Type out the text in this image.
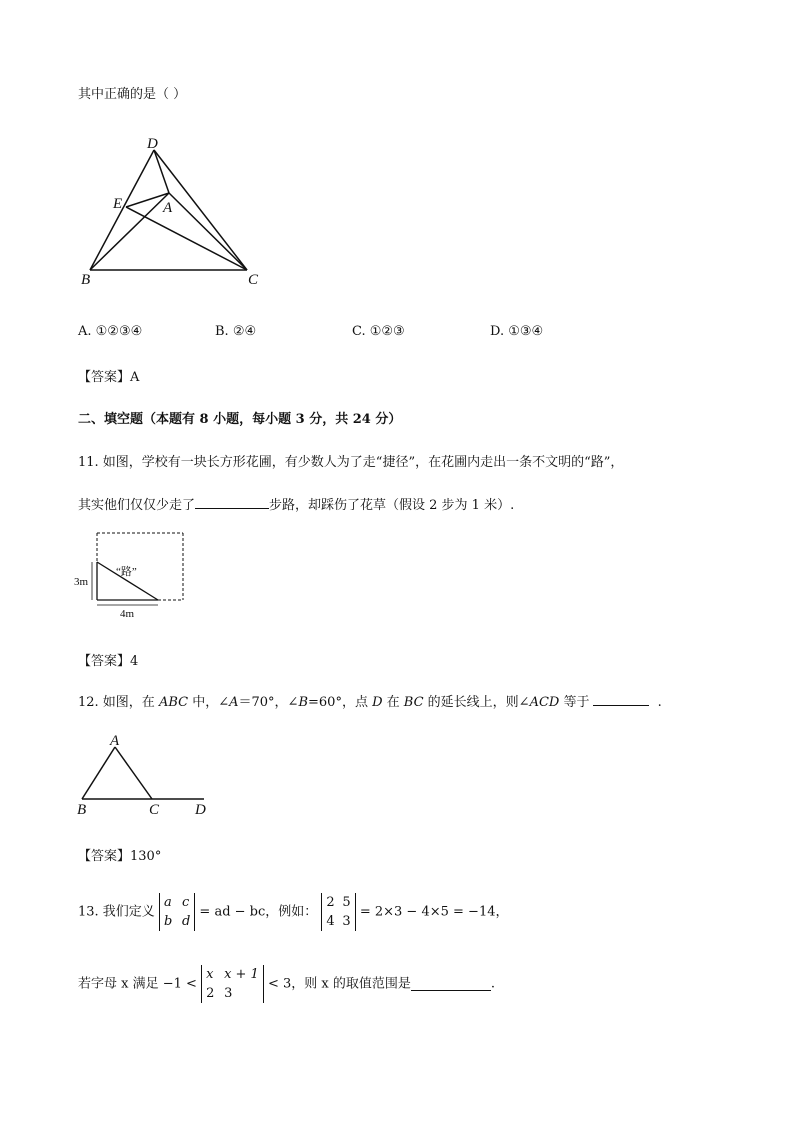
其中正确的是（ ）
D
E	A
B	C
A. ①②③④	B. ②④	C. ①②③	D. ①③④
【答案】A
二、填空题（本题有 8 小题，每小题 3 分，共 24 分）
11. 如图，学校有一块长方形花圃，有少数人为了走“捷径”，在花圃内走出一条不文明的“路”，
其实他们仅仅少走了	步路，却踩伤了花草（假设 2 步为 1 米）.
“路”
3m
4m
【答案】4
12. 如图，在 ABC 中，∠A＝70°，∠B=60°，点 D 在 BC 的延长线上，则∠ACD 等于	.
A
B	C D
【答案】130°
13. 我们定义
a c
b d
= ad − bc，例如：
2 5
4 3
= 2×3 − 4×5 = −14，
若字母 x 满足 −1 <
x x + 1
2 3
< 3，则 x 的取值范围是	.
